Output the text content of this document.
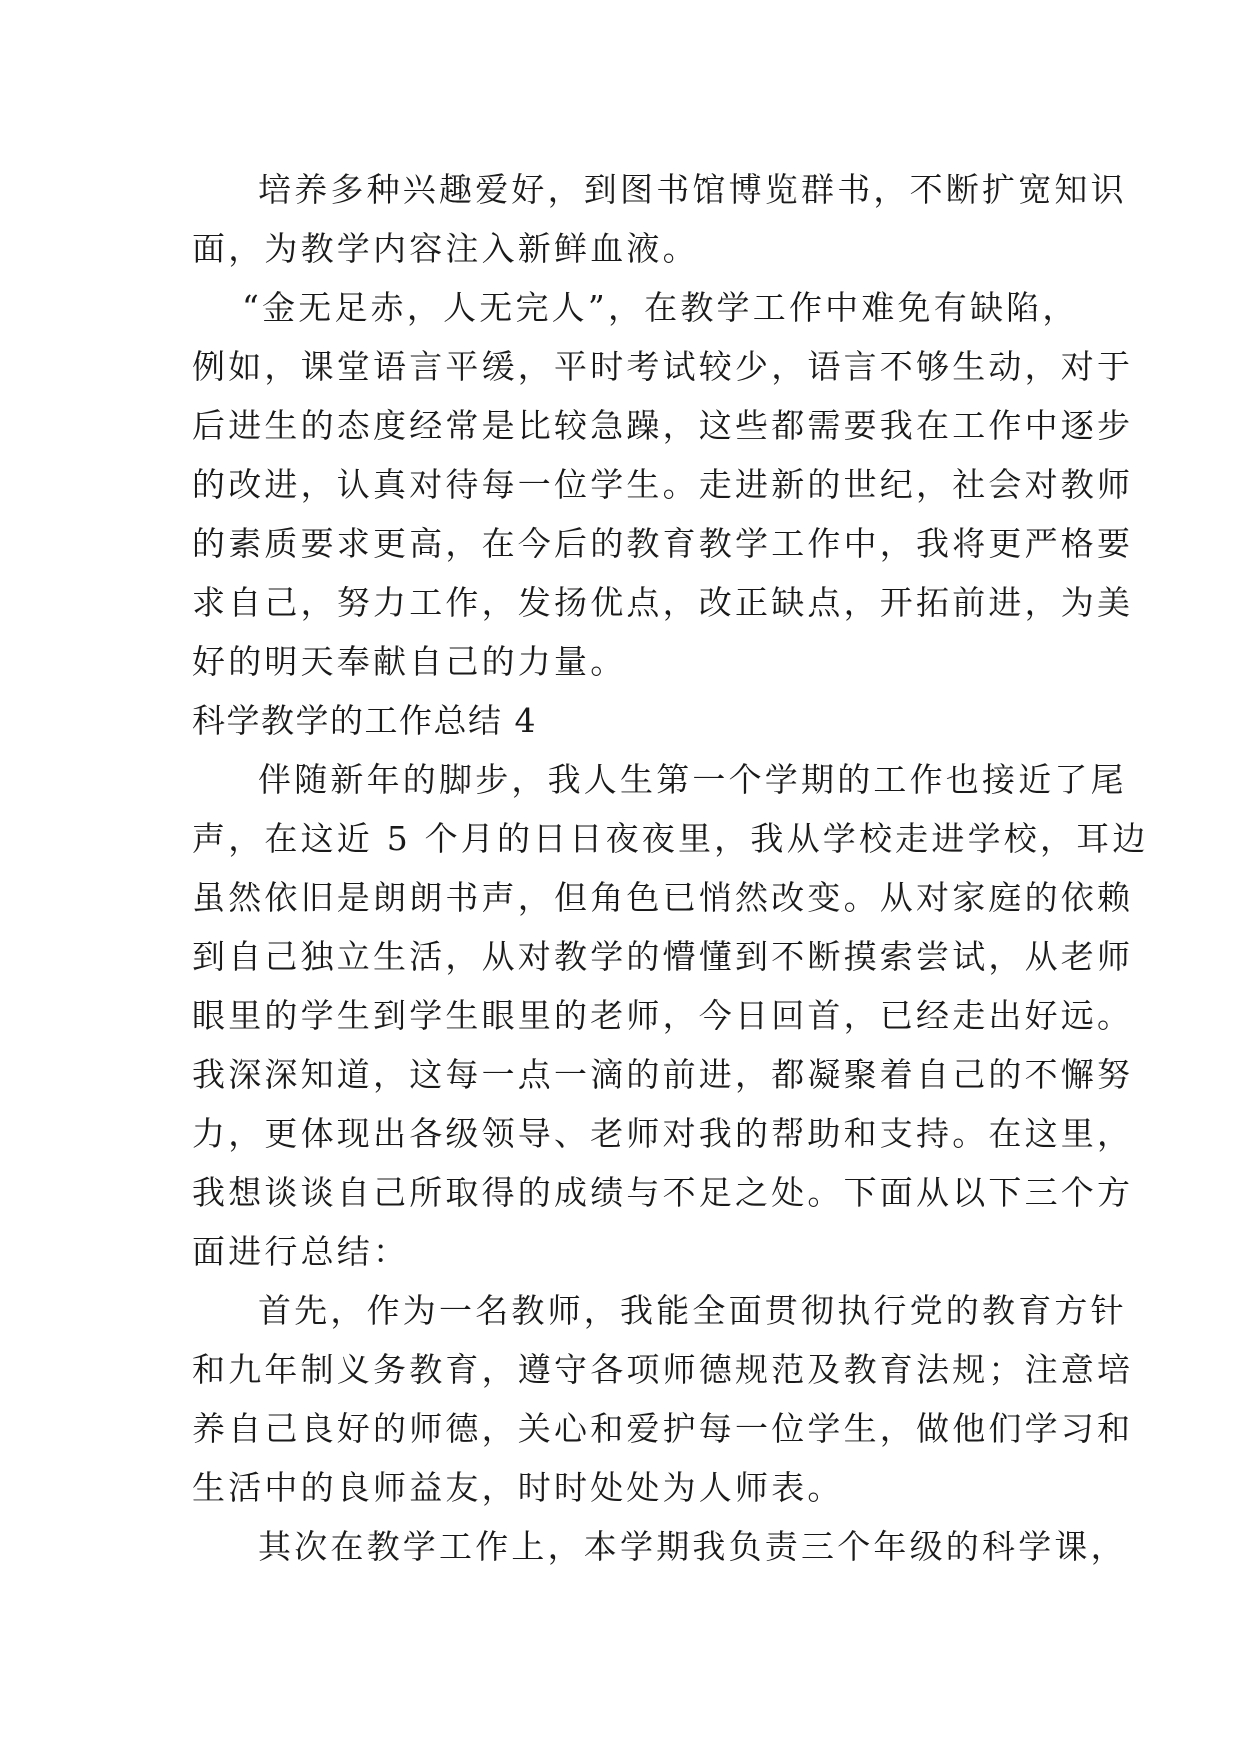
培养多种兴趣爱好，到图书馆博览群书，不断扩宽知识
面，为教学内容注入新鲜血液。
“金无足赤，人无完人”，在教学工作中难免有缺陷，
例如，课堂语言平缓，平时考试较少，语言不够生动，对于
后进生的态度经常是比较急躁，这些都需要我在工作中逐步
的改进，认真对待每一位学生。走进新的世纪，社会对教师
的素质要求更高，在今后的教育教学工作中，我将更严格要
求自己，努力工作，发扬优点，改正缺点，开拓前进，为美
好的明天奉献自己的力量。
科学教学的工作总结 4
伴随新年的脚步，我人生第一个学期的工作也接近了尾
声，在这近 5 个月的日日夜夜里，我从学校走进学校，耳边
虽然依旧是朗朗书声，但角色已悄然改变。从对家庭的依赖
到自己独立生活，从对教学的懵懂到不断摸索尝试，从老师
眼里的学生到学生眼里的老师，今日回首，已经走出好远。
我深深知道，这每一点一滴的前进，都凝聚着自己的不懈努
力，更体现出各级领导、老师对我的帮助和支持。在这里，
我想谈谈自己所取得的成绩与不足之处。下面从以下三个方
面进行总结：
首先，作为一名教师，我能全面贯彻执行党的教育方针
和九年制义务教育，遵守各项师德规范及教育法规；注意培
养自己良好的师德，关心和爱护每一位学生，做他们学习和
生活中的良师益友，时时处处为人师表。
其次在教学工作上，本学期我负责三个年级的科学课，
